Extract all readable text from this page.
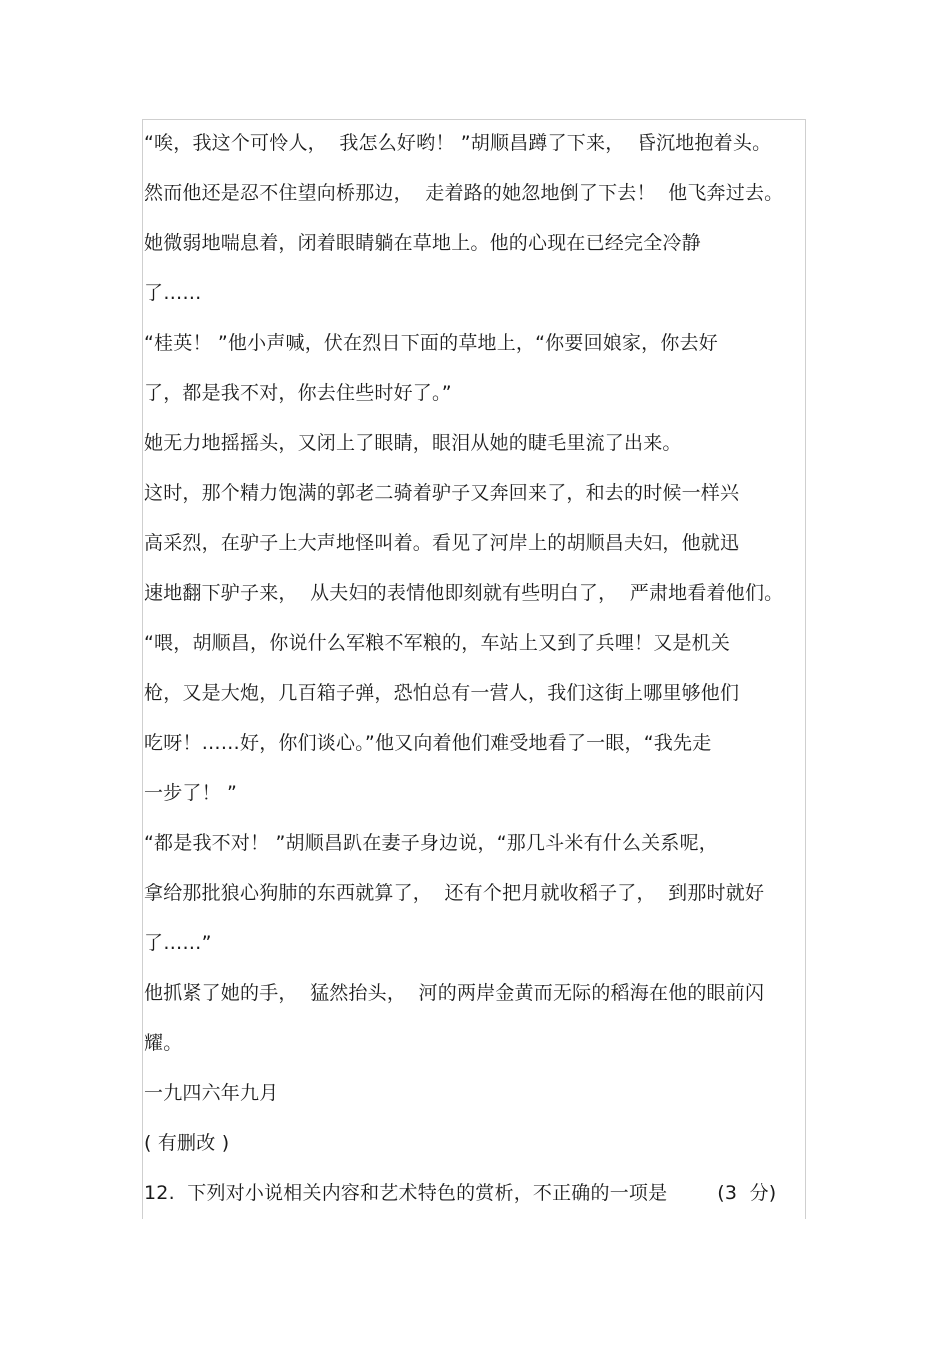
“唉，我这个可怜人，  我怎么好哟！ ”胡顺昌蹲了下来，  昏沉地抱着头。
然而他还是忍不住望向桥那边，  走着路的她忽地倒了下去！  他飞奔过去。
她微弱地喘息着，闭着眼睛躺在草地上。他的心现在已经完全冷静
了……
“桂英！ ”他小声喊，伏在烈日下面的草地上，“你要回娘家，你去好
了，都是我不对，你去住些时好了。”
她无力地摇摇头，又闭上了眼睛，眼泪从她的睫毛里流了出来。
这时，那个精力饱满的郭老二骑着驴子又奔回来了，和去的时候一样兴
高采烈，在驴子上大声地怪叫着。看见了河岸上的胡顺昌夫妇，他就迅
速地翻下驴子来，  从夫妇的表情他即刻就有些明白了，  严肃地看着他们。
“喂，胡顺昌，你说什么军粮不军粮的，车站上又到了兵哩！又是机关
枪，又是大炮，几百箱子弹，恐怕总有一营人，我们这街上哪里够他们
吃呀！……好，你们谈心。”他又向着他们难受地看了一眼，“我先走
一步了！ ”
“都是我不对！ ”胡顺昌趴在妻子身边说，“那几斗米有什么关系呢，
拿给那批狼心狗肺的东西就算了，  还有个把月就收稻子了，  到那时就好
了……”
他抓紧了她的手，  猛然抬头，  河的两岸金黄而无际的稻海在他的眼前闪
耀。
一九四六年九月
( 有删改 )
12.  下列对小说相关内容和艺术特色的赏析，不正确的一项是        (3  分)
